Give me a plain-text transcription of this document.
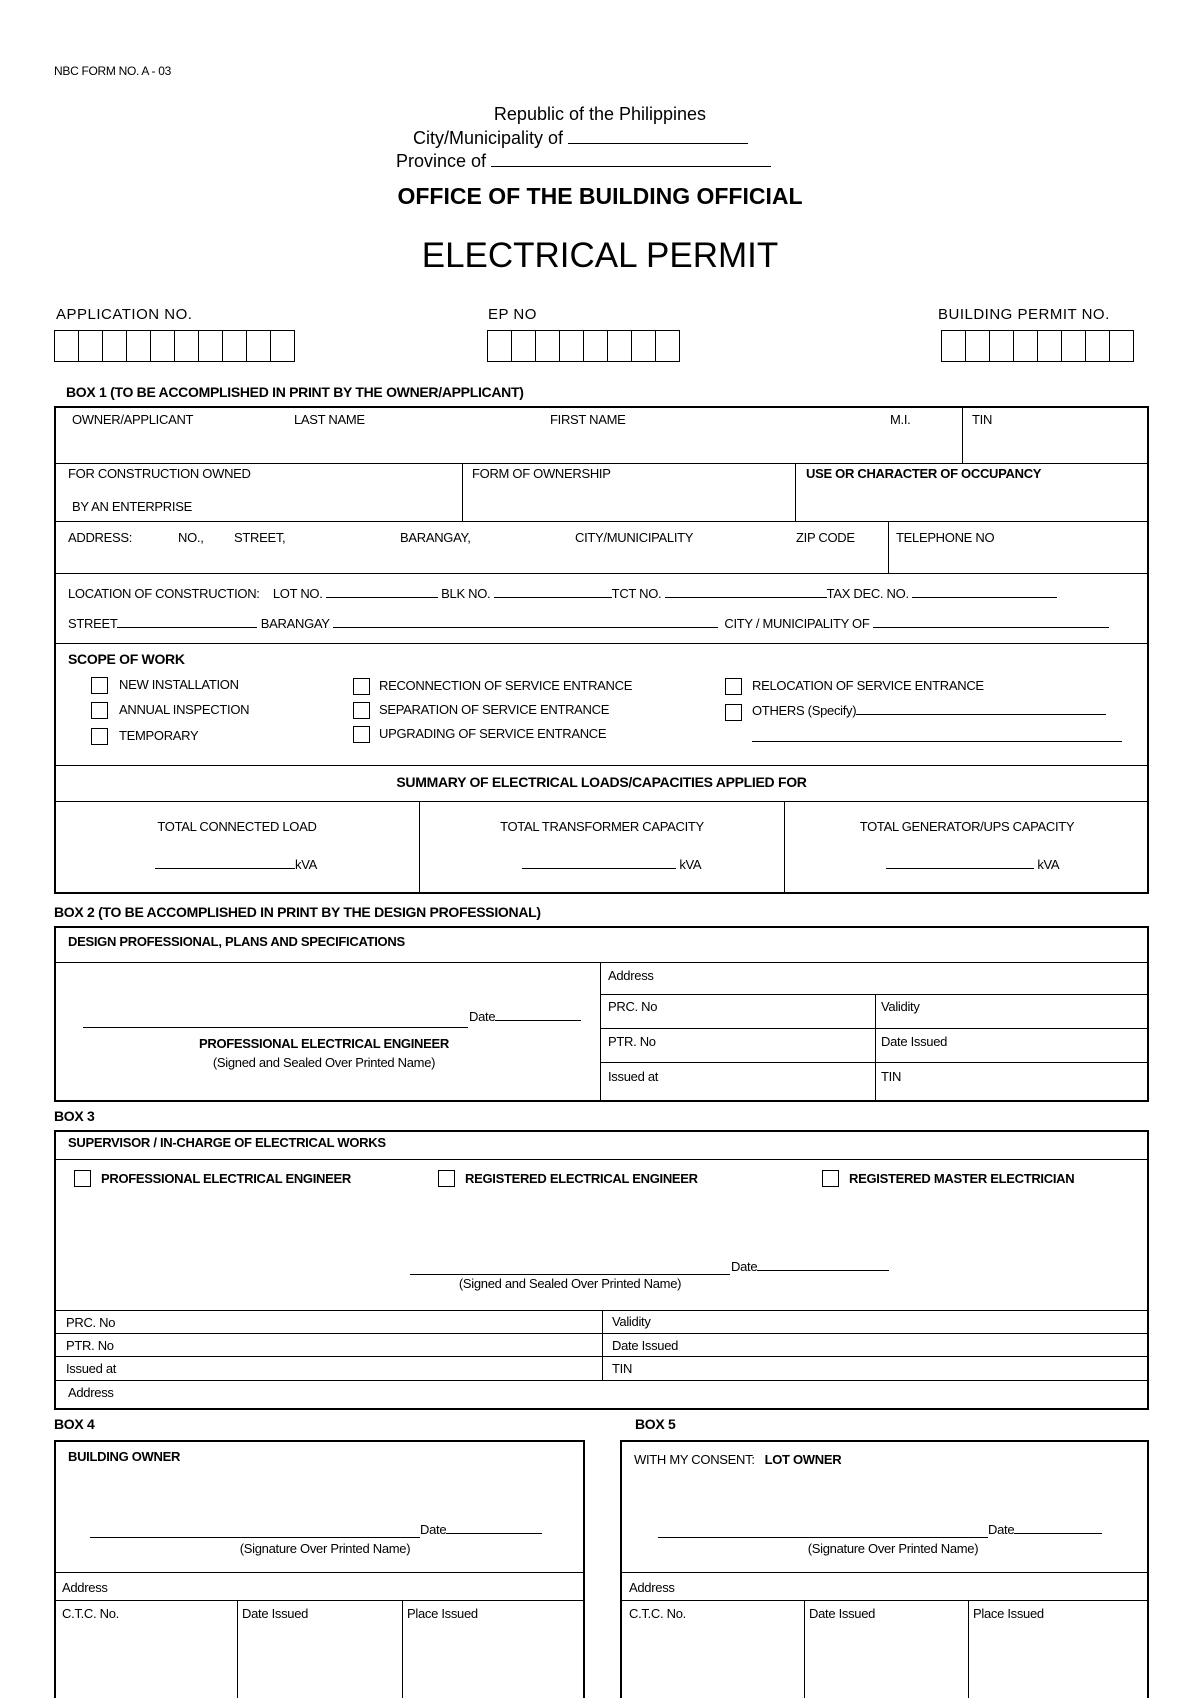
NBC FORM NO. A - 03
Republic of the Philippines
City/Municipality of
Province of
OFFICE OF THE BUILDING OFFICIAL
ELECTRICAL PERMIT
APPLICATION NO.	EP NO	BUILDING PERMIT NO.
BOX 1 (TO BE ACCOMPLISHED IN PRINT BY THE OWNER/APPLICANT)
OWNER/APPLICANT	LAST NAME	FIRST NAME	M.I.	TIN
FOR CONSTRUCTION OWNED
BY AN ENTERPRISE
FORM OF OWNERSHIP	USE OR CHARACTER OF OCCUPANCY
ADDRESS:	NO., STREET,	BARANGAY,	CITY/MUNICIPALITY	ZIP CODE	TELEPHONE NO
LOCATION OF CONSTRUCTION: LOT NO.	BLK NO.	TCT NO.	TAX DEC. NO.
STREET	BARANGAY	CITY / MUNICIPALITY OF
SCOPE OF WORK
NEW INSTALLATION
ANNUAL INSPECTION
TEMPORARY
RECONNECTION OF SERVICE ENTRANCE
SEPARATION OF SERVICE ENTRANCE
UPGRADING OF SERVICE ENTRANCE
RELOCATION OF SERVICE ENTRANCE
OTHERS (Specify)
SUMMARY OF ELECTRICAL LOADS/CAPACITIES APPLIED FOR
TOTAL CONNECTED LOAD
kVA
TOTAL TRANSFORMER CAPACITY
kVA
TOTAL GENERATOR/UPS CAPACITY
kVA
BOX 2 (TO BE ACCOMPLISHED IN PRINT BY THE DESIGN PROFESSIONAL)
DESIGN PROFESSIONAL, PLANS AND SPECIFICATIONS
Address
PRC. No	Validity
PTR. No	Date Issued
Issued at	TIN
Date
PROFESSIONAL ELECTRICAL ENGINEER
(Signed and Sealed Over Printed Name)
BOX 3
SUPERVISOR / IN-CHARGE OF ELECTRICAL WORKS
PROFESSIONAL ELECTRICAL ENGINEER	REGISTERED ELECTRICAL ENGINEER	REGISTERED MASTER ELECTRICIAN
Date
(Signed and Sealed Over Printed Name)
PRC. No	Validity
PTR. No	Date Issued
Issued at	TIN
Address
BOX 4
BUILDING OWNER
Date
(Signature Over Printed Name)
Address
C.T.C. No.	Date Issued	Place Issued
BOX 5
WITH MY CONSENT: LOT OWNER
Date
(Signature Over Printed Name)
Address
C.T.C. No.	Date Issued	Place Issued
